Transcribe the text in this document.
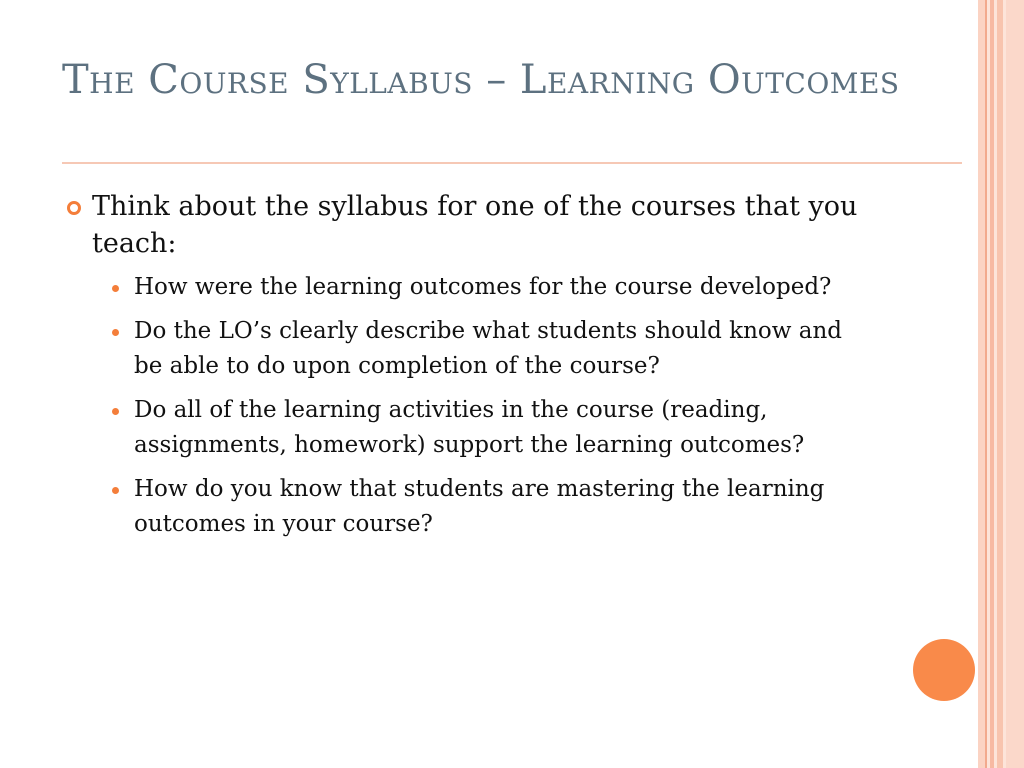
The Course Syllabus – Learning Outcomes
Think about the syllabus for one of the courses that you teach:
How were the learning outcomes for the course developed?
Do the LO’s clearly describe what students should know and be able to do upon completion of the course?
Do all of the learning activities in the course (reading, assignments, homework) support the learning outcomes?
How do you know that students are mastering the learning outcomes in your course?
